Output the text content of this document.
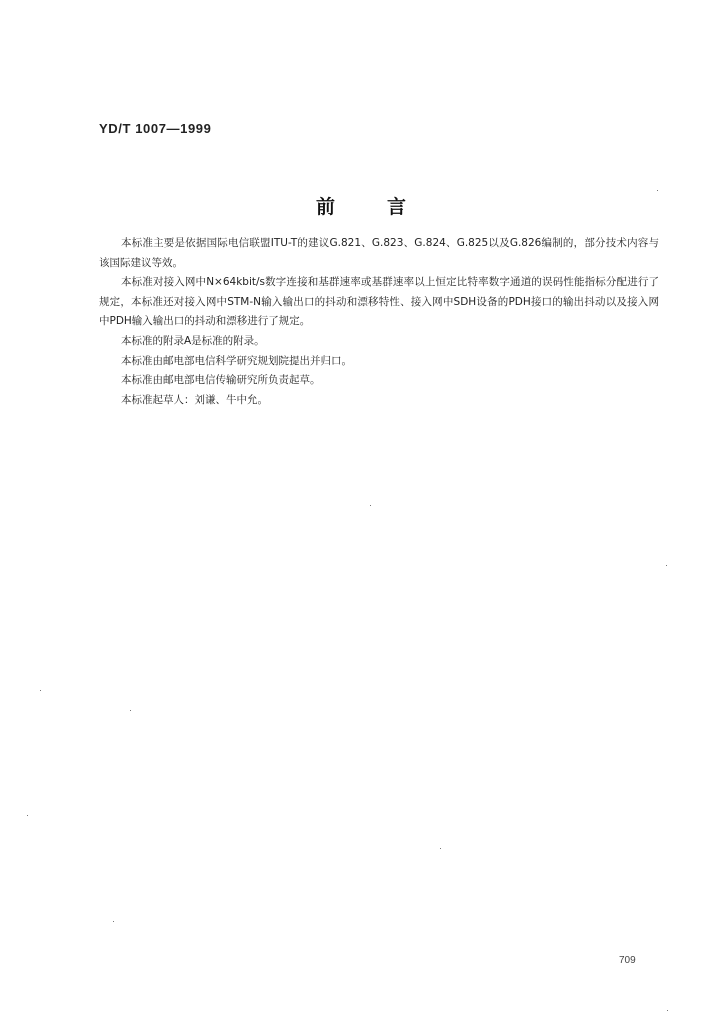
YD/T 1007—1999
前言

本标准主要是依据国际电信联盟ITU-T的建议G.821、G.823、G.824、G.825以及G.826编制的，部分技术内容与该国际建议等效。

本标准对接入网中N×64kbit/s数字连接和基群速率或基群速率以上恒定比特率数字通道的误码性能指标分配进行了规定，本标准还对接入网中STM-N输入输出口的抖动和漂移特性、接入网中SDH设备的PDH接口的输出抖动以及接入网中PDH输入输出口的抖动和漂移进行了规定。

本标准的附录A是标准的附录。

本标准由邮电部电信科学研究规划院提出并归口。

本标准由邮电部电信传输研究所负责起草。

本标准起草人：刘谦、牛中允。

709
